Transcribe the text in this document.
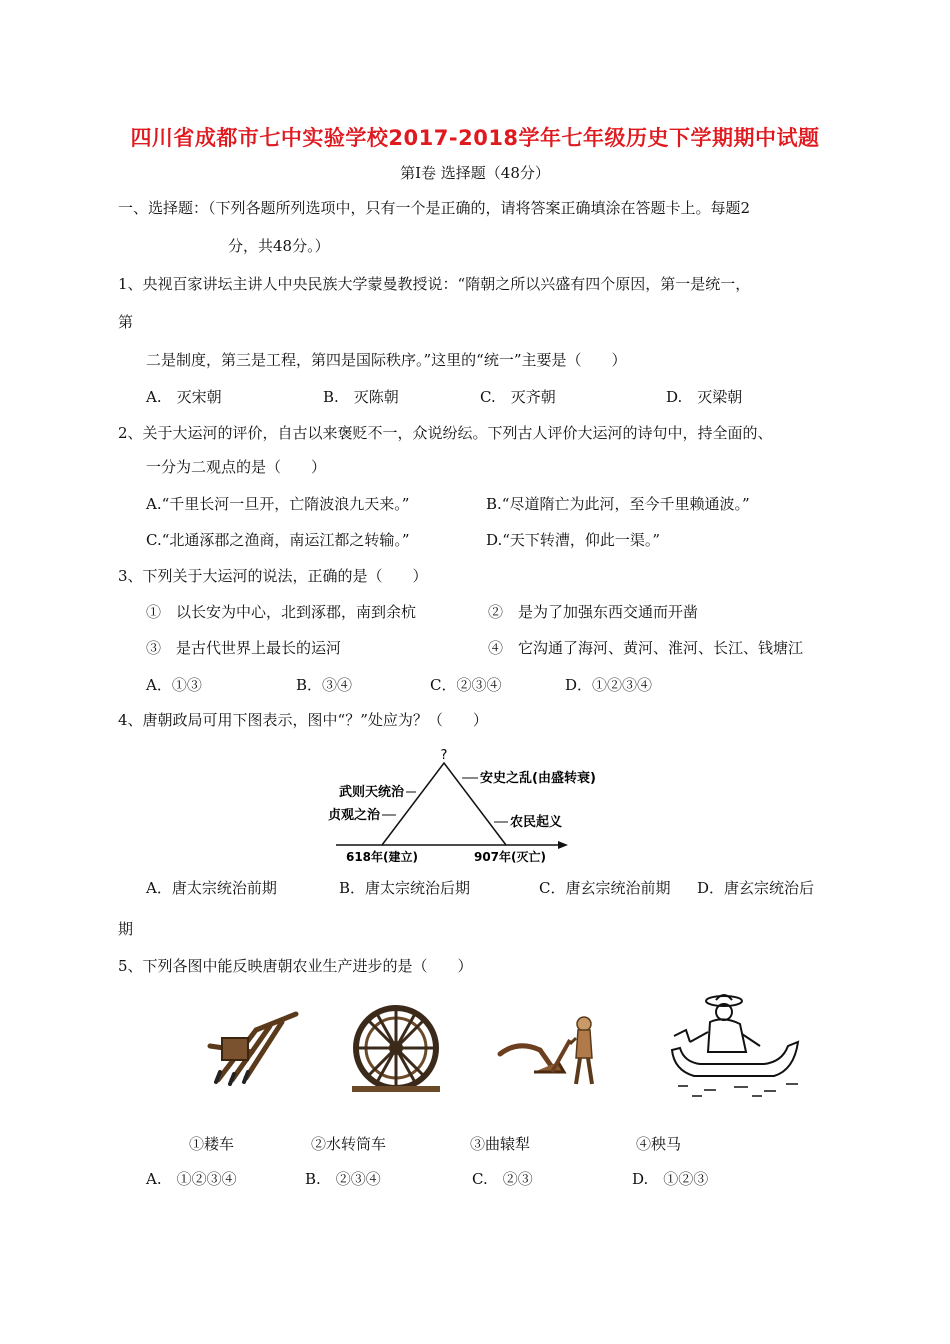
四川省成都市七中实验学校2017-2018学年七年级历史下学期期中试题
第Ⅰ卷 选择题（48分）
一、选择题：（下列各题所列选项中，只有一个是正确的，请将答案正确填涂在答题卡上。每题2
分，共48分。）
1、央视百家讲坛主讲人中央民族大学蒙曼教授说：“隋朝之所以兴盛有四个原因，第一是统一，
第
二是制度，第三是工程，第四是国际秩序。”这里的“统一”主要是（　　）
A.　灭宋朝	B.　灭陈朝	C.　灭齐朝	D.　灭梁朝
2、关于大运河的评价，自古以来褒贬不一，众说纷纭。下列古人评价大运河的诗句中，持全面的、
一分为二观点的是（　　）
A.“千里长河一旦开，亡隋波浪九天来。”	B.“尽道隋亡为此河，至今千里赖通波。”
C.“北通涿郡之渔商，南运江都之转输。”	D.“天下转漕，仰此一渠。”
3、下列关于大运河的说法，正确的是（　　）
①　以长安为中心，北到涿郡，南到余杭	②　是为了加强东西交通而开凿
③　是古代世界上最长的运河	④　它沟通了海河、黄河、淮河、长江、钱塘江
A．①③	B．③④	C．②③④	D．①②③④
4、唐朝政局可用下图表示，图中“？”处应为？（　　）
?
武则天统治
贞观之治
安史之乱(由盛转衰)
农民起义
618年(建立)	907年(灭亡)
A．唐太宗统治前期	B．唐太宗统治后期	C．唐玄宗统治前期 D．唐玄宗统治后
期
5、下列各图中能反映唐朝农业生产进步的是（　　）
①耧车	②水转筒车	③曲辕犁	④秧马
A.　①②③④	B.　②③④	C.　②③	D.　①②③
